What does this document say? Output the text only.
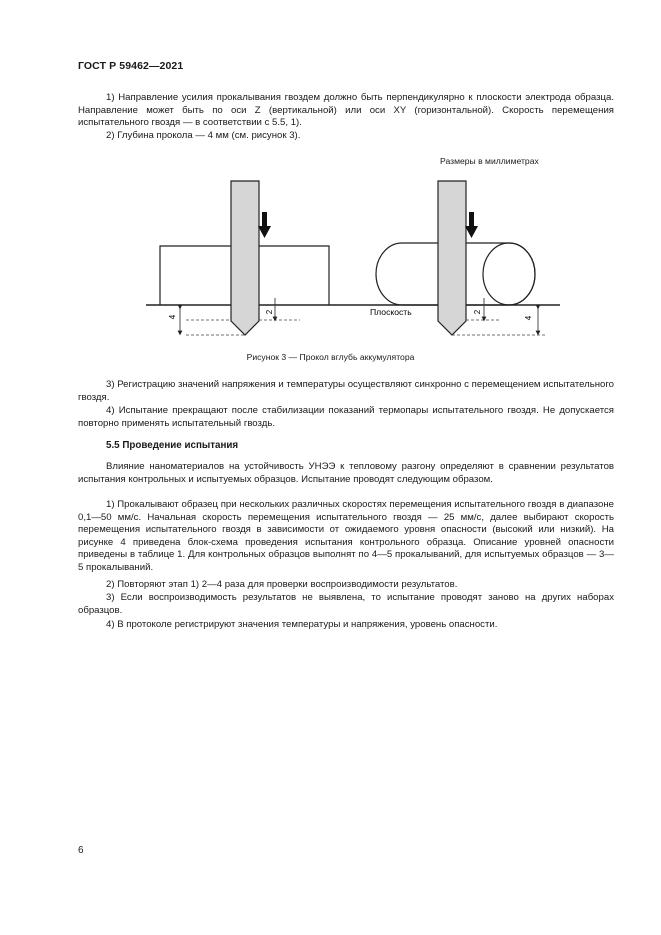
ГОСТ Р 59462—2021

1) Направление усилия прокалывания гвоздем должно быть перпендикулярно к плоскости электрода образца. Направление может быть по оси Z (вертикальной) или оси XY (горизонтальной). Скорость перемещения испытательного гвоздя — в соответствии с 5.5, 1).

2) Глубина прокола — 4 мм (см. рисунок 3).

Размеры в миллиметрах
4
2	2
4
Плоскость
Рисунок 3 — Прокол вглубь аккумулятора

3) Регистрацию значений напряжения и температуры осуществляют синхронно с перемещением испытательного гвоздя.

4) Испытание прекращают после стабилизации показаний термопары испытательного гвоздя. Не допускается повторно применять испытательный гвоздь.

5.5 Проведение испытания

Влияние наноматериалов на устойчивость УНЭЭ к тепловому разгону определяют в сравнении результатов испытания контрольных и испытуемых образцов. Испытание проводят следующим образом.

1) Прокалывают образец при нескольких различных скоростях перемещения испытательного гвоздя в диапазоне 0,1—50 мм/с. Начальная скорость перемещения испытательного гвоздя — 25 мм/с, далее выбирают скорость перемещения испытательного гвоздя в зависимости от ожидаемого уровня опасности (высокий или низкий). На рисунке 4 приведена блок-схема проведения испытания контрольного образца. Описание уровней опасности приведены в таблице 1. Для контрольных образцов выполнят по 4—5 прокалываний, для испытуемых образцов — 3—5 прокалываний.

2) Повторяют этап 1) 2—4 раза для проверки воспроизводимости результатов.

3) Если воспроизводимость результатов не выявлена, то испытание проводят заново на других наборах образцов.

4) В протоколе регистрируют значения температуры и напряжения, уровень опасности.

6
